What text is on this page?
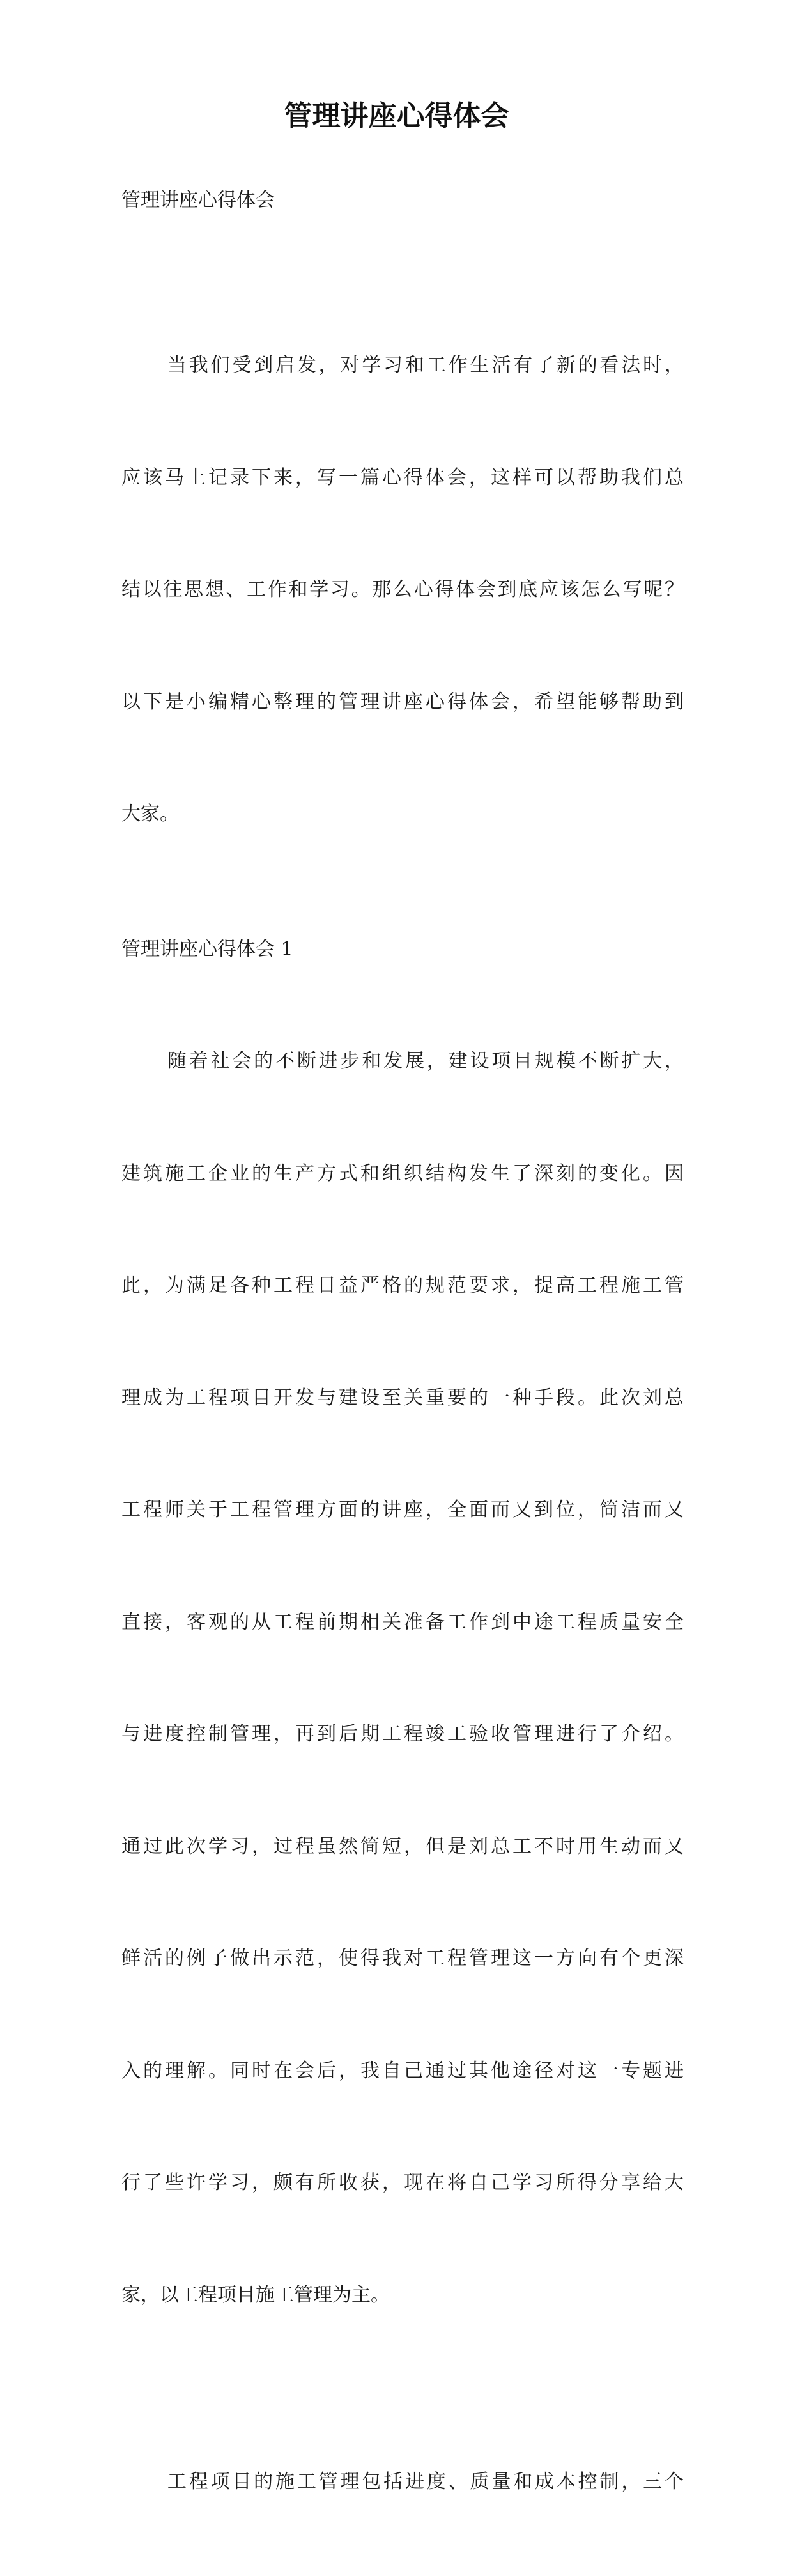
管理讲座心得体会
管理讲座心得体会

当我们受到启发，对学习和工作生活有了新的看法时，

应该马上记录下来，写一篇心得体会，这样可以帮助我们总

结以往思想、工作和学习。那么心得体会到底应该怎么写呢？

以下是小编精心整理的管理讲座心得体会，希望能够帮助到

大家。

管理讲座心得体会 1

随着社会的不断进步和发展，建设项目规模不断扩大，

建筑施工企业的生产方式和组织结构发生了深刻的变化。因

此，为满足各种工程日益严格的规范要求，提高工程施工管

理成为工程项目开发与建设至关重要的一种手段。此次刘总

工程师关于工程管理方面的讲座，全面而又到位，简洁而又

直接，客观的从工程前期相关准备工作到中途工程质量安全

与进度控制管理，再到后期工程竣工验收管理进行了介绍。

通过此次学习，过程虽然简短，但是刘总工不时用生动而又

鲜活的例子做出示范，使得我对工程管理这一方向有个更深

入的理解。同时在会后，我自己通过其他途径对这一专题进

行了些许学习，颇有所收获，现在将自己学习所得分享给大

家，以工程项目施工管理为主。

工程项目的施工管理包括进度、质量和成本控制，三个
